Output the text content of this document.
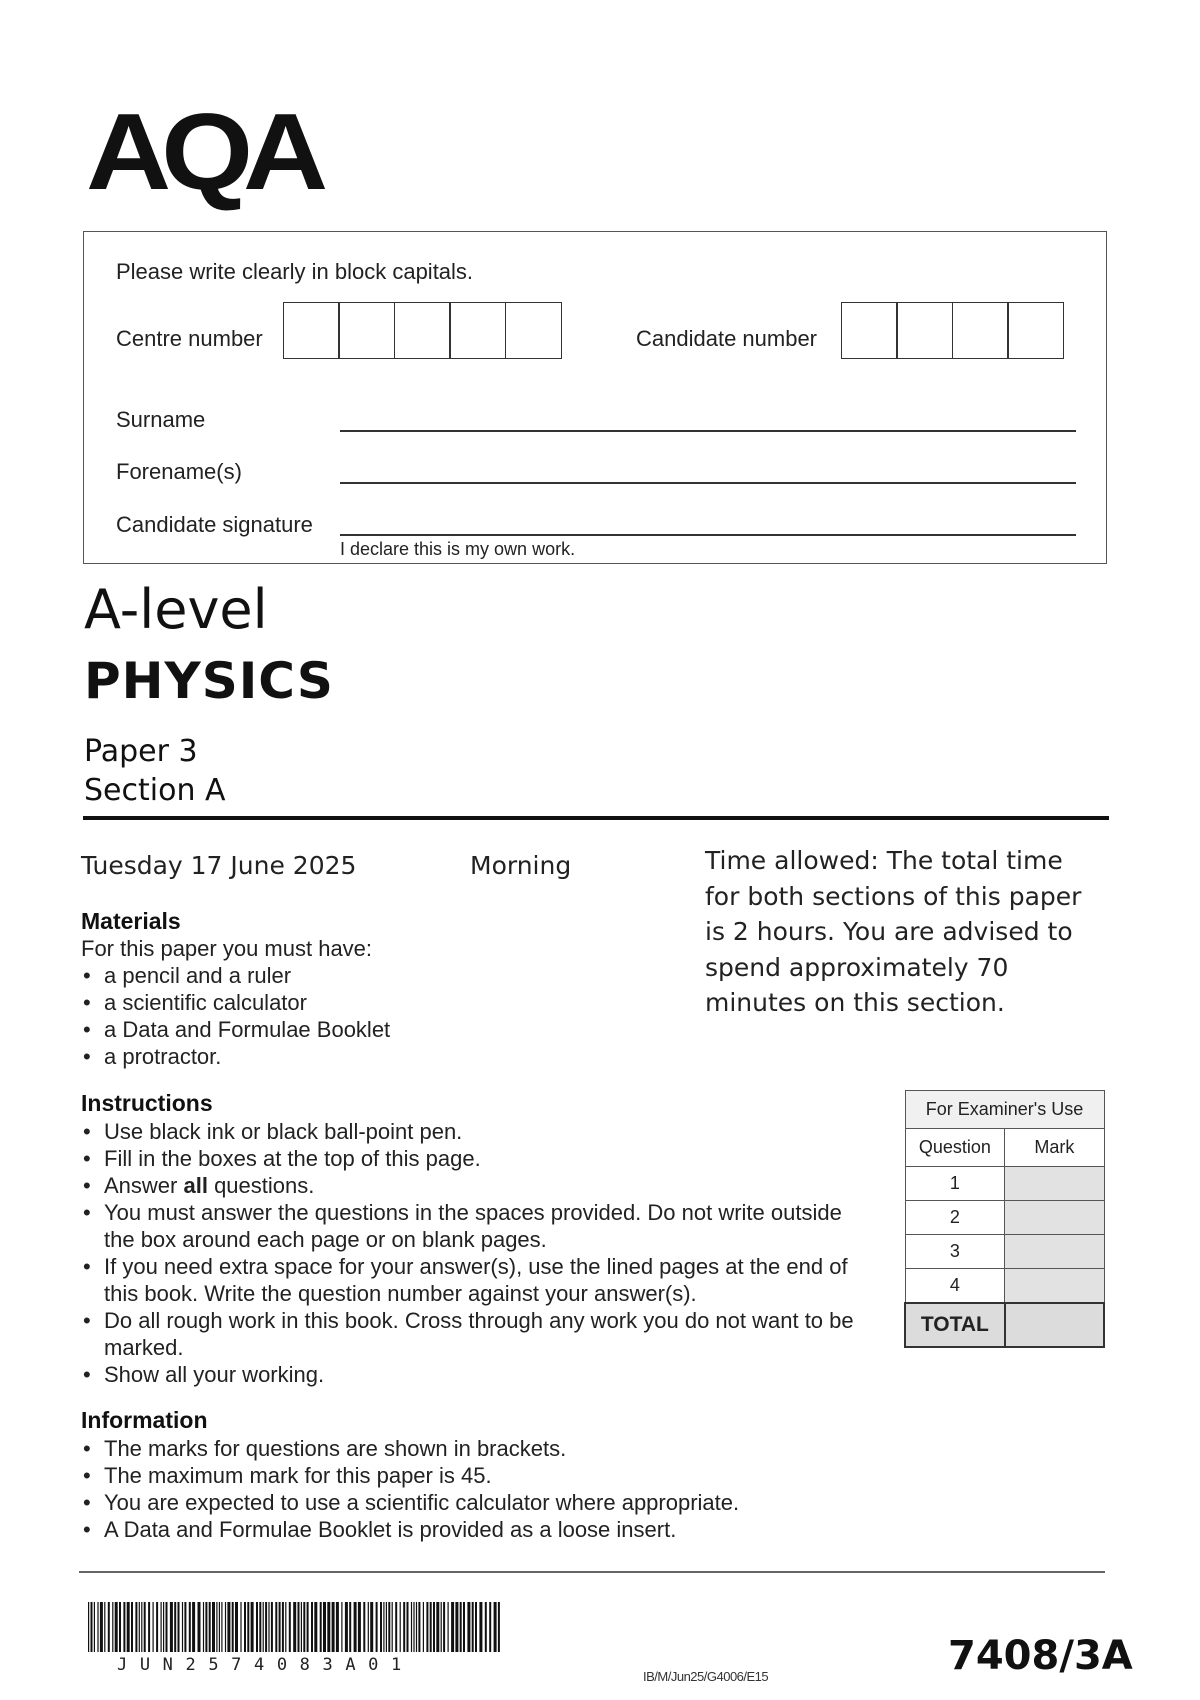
AQA
Please write clearly in block capitals.
Centre number	Candidate number
Surname
Forename(s)
Candidate signature
I declare this is my own work.
A-level
PHYSICS
Paper 3
Section A
Tuesday 17 June 2025	Morning	Time allowed: The total time for both sections of this paper is 2 hours. You are advised to spend approximately 70 minutes on this section.
Materials
For this paper you must have:
• a pencil and a ruler
• a scientific calculator
• a Data and Formulae Booklet
• a protractor.
Instructions
• Use black ink or black ball-point pen.
• Fill in the boxes at the top of this page.
• Answer all questions.
• You must answer the questions in the spaces provided. Do not write outside the box around each page or on blank pages.
• If you need extra space for your answer(s), use the lined pages at the end of this book. Write the question number against your answer(s).
• Do all rough work in this book. Cross through any work you do not want to be marked.
• Show all your working.
Information
• The marks for questions are shown in brackets.
• The maximum mark for this paper is 45.
• You are expected to use a scientific calculator where appropriate.
• A Data and Formulae Booklet is provided as a loose insert.
For Examiner's Use	
Question	Mark
1	
2	
3	
4	
TOTAL	
JUN2574083A01
IB/M/Jun25/G4006/E15	7408/3A
